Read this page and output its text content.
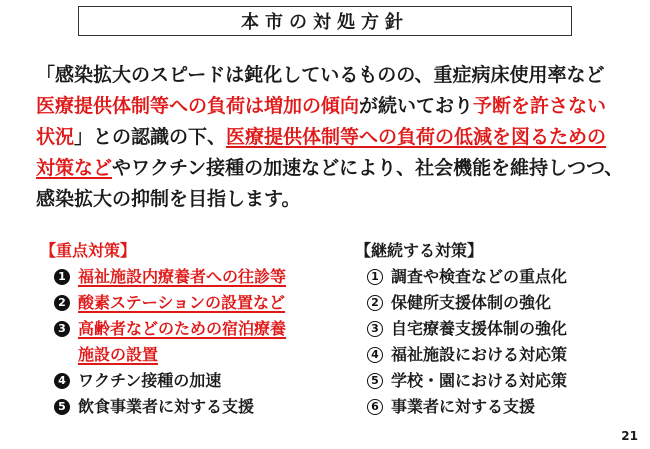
本市の対処方針
「感染拡大のスピードは鈍化しているものの、重症病床使用率など
医療提供体制等への負荷は増加の傾向が続いており予断を許さない
状況」との認識の下、医療提供体制等への負荷の低減を図るための
対策などやワクチン接種の加速などにより、社会機能を維持しつつ、
感染拡大の抑制を目指します。
【重点対策】
1 福祉施設内療養者への往診等
2 酸素ステーションの設置など
3 高齢者などのための宿泊療養
施設の設置
4 ワクチン接種の加速
5 飲食事業者に対する支援
【継続する対策】
1 調査や検査などの重点化
2 保健所支援体制の強化
3 自宅療養支援体制の強化
4 福祉施設における対応策
5 学校・園における対応策
6 事業者に対する支援
21
